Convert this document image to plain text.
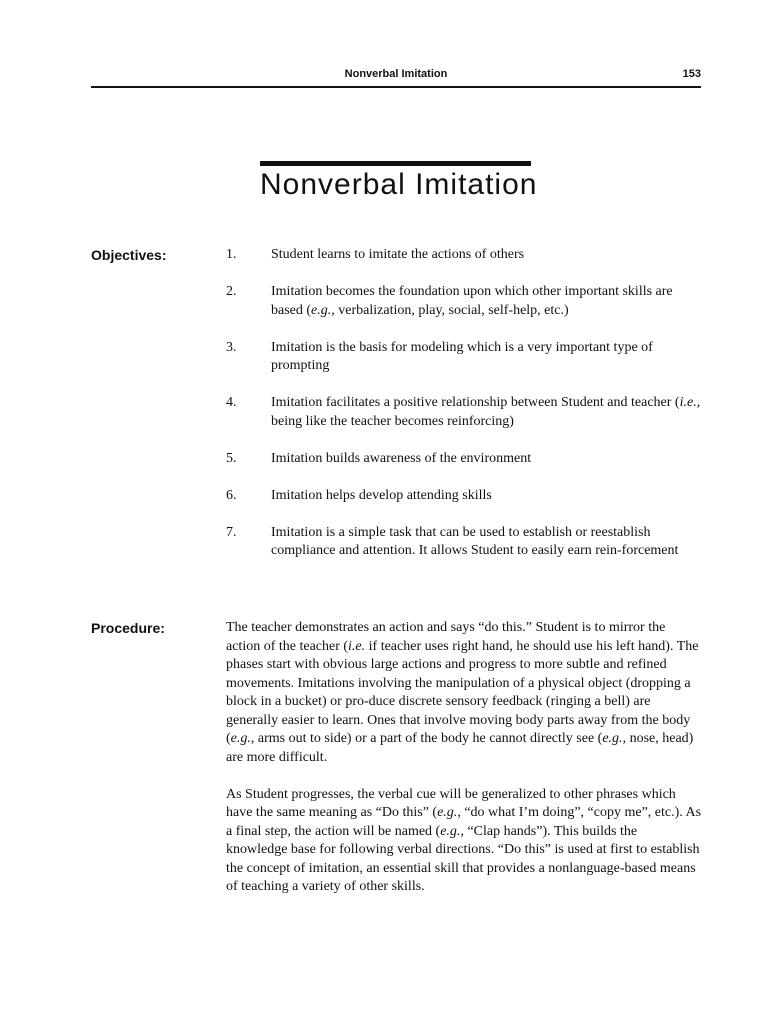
Nonverbal Imitation	153
Nonverbal Imitation
Objectives:	1. Student learns to imitate the actions of others
2. Imitation becomes the foundation upon which other important skills are based (e.g., verbalization, play, social, self-help, etc.)
3. Imitation is the basis for modeling which is a very important type of prompting
4. Imitation facilitates a positive relationship between Student and teacher (i.e., being like the teacher becomes reinforcing)
5. Imitation builds awareness of the environment
6. Imitation helps develop attending skills
7. Imitation is a simple task that can be used to establish or reestablish compliance and attention. It allows Student to easily earn rein-forcement
Procedure:	The teacher demonstrates an action and says “do this.” Student is to mirror the action of the teacher (i.e. if teacher uses right hand, he should use his left hand). The phases start with obvious large actions and progress to more subtle and refined movements. Imitations involving the manipulation of a physical object (dropping a block in a bucket) or pro-duce discrete sensory feedback (ringing a bell) are generally easier to learn. Ones that involve moving body parts away from the body (e.g., arms out to side) or a part of the body he cannot directly see (e.g., nose, head) are more difficult.

As Student progresses, the verbal cue will be generalized to other phrases which have the same meaning as “Do this” (e.g., “do what I’m doing”, “copy me”, etc.). As a final step, the action will be named (e.g., “Clap hands”). This builds the knowledge base for following verbal directions. “Do this” is used at first to establish the concept of imitation, an essential skill that provides a nonlanguage-based means of teaching a variety of other skills.
